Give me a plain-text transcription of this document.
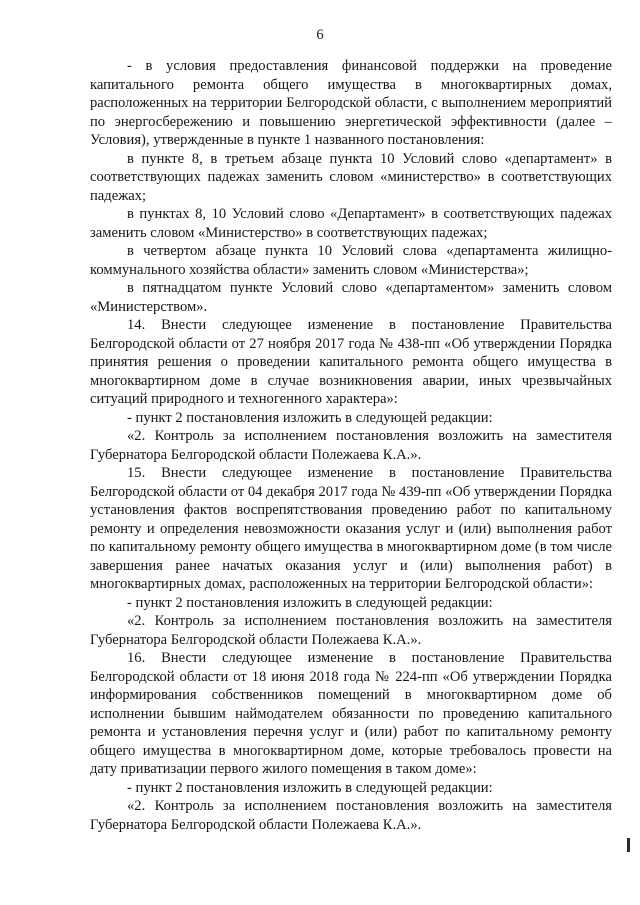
6

- в условия предоставления финансовой поддержки на проведение капитального ремонта общего имущества в многоквартирных домах, расположенных на территории Белгородской области, с выполнением мероприятий по энергосбережению и повышению энергетической эффективности (далее – Условия), утвержденные в пункте 1 названного постановления:

в пункте 8, в третьем абзаце пункта 10 Условий слово «департамент» в соответствующих падежах заменить словом «министерство» в соответствующих падежах;

в пунктах 8, 10 Условий слово «Департамент» в соответствующих падежах заменить словом «Министерство» в соответствующих падежах;

в четвертом абзаце пункта 10 Условий слова «департамента жилищно-коммунального хозяйства области» заменить словом «Министерства»;

в пятнадцатом пункте Условий слово «департаментом» заменить словом «Министерством».

14. Внести следующее изменение в постановление Правительства Белгородской области от 27 ноября 2017 года № 438-пп «Об утверждении Порядка принятия решения о проведении капитального ремонта общего имущества в многоквартирном доме в случае возникновения аварии, иных чрезвычайных ситуаций природного и техногенного характера»:

- пункт 2 постановления изложить в следующей редакции:

«2. Контроль за исполнением постановления возложить на заместителя Губернатора Белгородской области Полежаева К.А.».

15. Внести следующее изменение в постановление Правительства Белгородской области от 04 декабря 2017 года № 439-пп «Об утверждении Порядка установления фактов воспрепятствования проведению работ по капитальному ремонту и определения невозможности оказания услуг и (или) выполнения работ по капитальному ремонту общего имущества в многоквартирном доме (в том числе завершения ранее начатых оказания услуг и (или) выполнения работ) в многоквартирных домах, расположенных на территории Белгородской области»:

- пункт 2 постановления изложить в следующей редакции:

«2. Контроль за исполнением постановления возложить на заместителя Губернатора Белгородской области Полежаева К.А.».

16. Внести следующее изменение в постановление Правительства Белгородской области от 18 июня 2018 года № 224-пп «Об утверждении Порядка информирования собственников помещений в многоквартирном доме об исполнении бывшим наймодателем обязанности по проведению капитального ремонта и установления перечня услуг и (или) работ по капитальному ремонту общего имущества в многоквартирном доме, которые требовалось провести на дату приватизации первого жилого помещения в таком доме»:

- пункт 2 постановления изложить в следующей редакции:

«2. Контроль за исполнением постановления возложить на заместителя Губернатора Белгородской области Полежаева К.А.».
